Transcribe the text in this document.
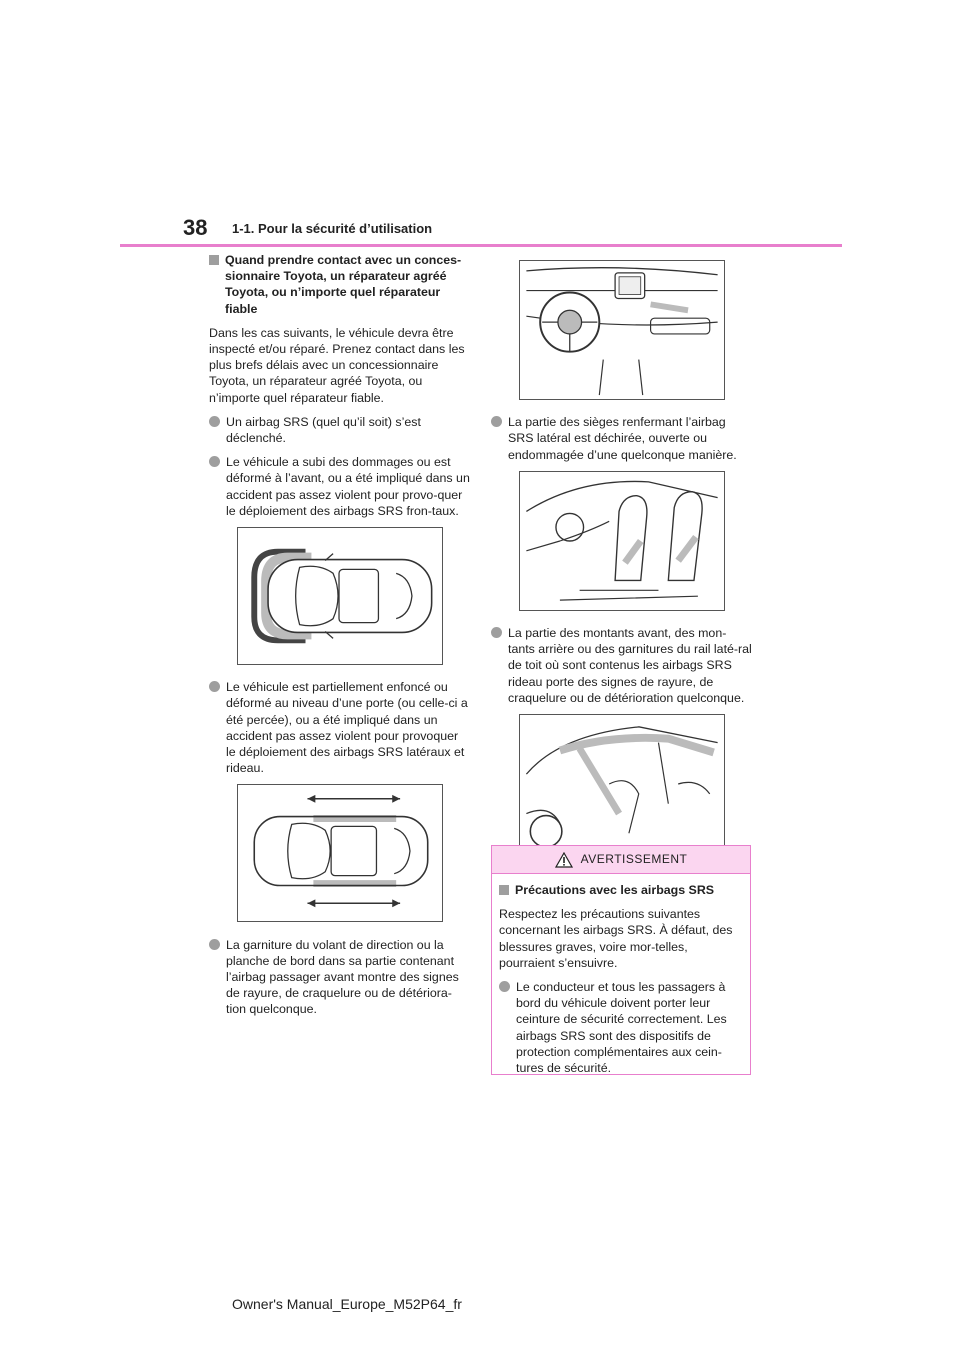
38 1-1. Pour la sécurité d’utilisation
Quand prendre contact avec un conces-sionnaire Toyota, un réparateur agréé Toyota, ou n’importe quel réparateur fiable
Dans les cas suivants, le véhicule devra être inspecté et/ou réparé. Prenez contact dans les plus brefs délais avec un concessionnaire Toyota, un réparateur agréé Toyota, ou n’importe quel réparateur fiable.
Un airbag SRS (quel qu’il soit) s’est déclenché.
Le véhicule a subi des dommages ou est déformé à l’avant, ou a été impliqué dans un accident pas assez violent pour provo-quer le déploiement des airbags SRS fron-taux.
Le véhicule est partiellement enfoncé ou déformé au niveau d’une porte (ou celle-ci a été percée), ou a été impliqué dans un accident pas assez violent pour provoquer le déploiement des airbags SRS latéraux et rideau.
La garniture du volant de direction ou la planche de bord dans sa partie contenant l’airbag passager avant montre des signes de rayure, de craquelure ou de détériora-tion quelconque.
La partie des sièges renfermant l’airbag SRS latéral est déchirée, ouverte ou endommagée d’une quelconque manière.
La partie des montants avant, des mon-tants arrière ou des garnitures du rail laté-ral de toit où sont contenus les airbags SRS rideau porte des signes de rayure, de craquelure ou de détérioration quelconque.
AVERTISSEMENT
Précautions avec les airbags SRS
Respectez les précautions suivantes concernant les airbags SRS. À défaut, des blessures graves, voire mor-telles, pourraient s’ensuivre.
Le conducteur et tous les passagers à bord du véhicule doivent porter leur ceinture de sécurité correctement. Les airbags SRS sont des dispositifs de protection complémentaires aux cein-tures de sécurité.
Owner's Manual_Europe_M52P64_fr
